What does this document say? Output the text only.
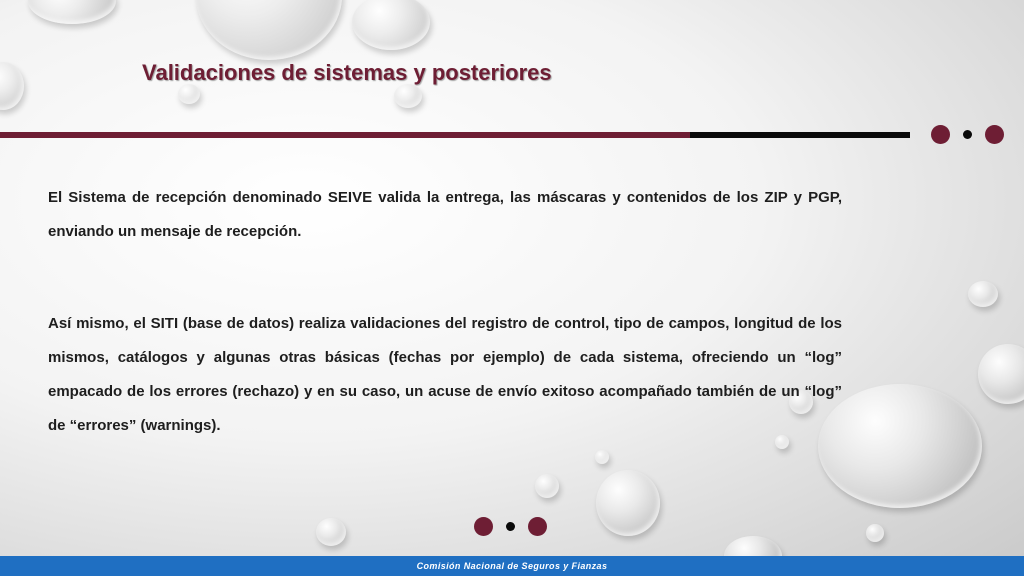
Validaciones de sistemas y posteriores

El Sistema de recepción denominado SEIVE valida la entrega, las máscaras y contenidos de los ZIP y PGP, enviando un mensaje de recepción.

Así mismo, el SITI (base de datos) realiza validaciones del registro de control, tipo de campos, longitud de los mismos, catálogos y algunas otras básicas (fechas por ejemplo) de cada sistema, ofreciendo un “log” empacado de los errores (rechazo) y en su caso, un acuse de envío exitoso acompañado también de un “log” de “errores” (warnings).

Comisión Nacional de Seguros y Fianzas
